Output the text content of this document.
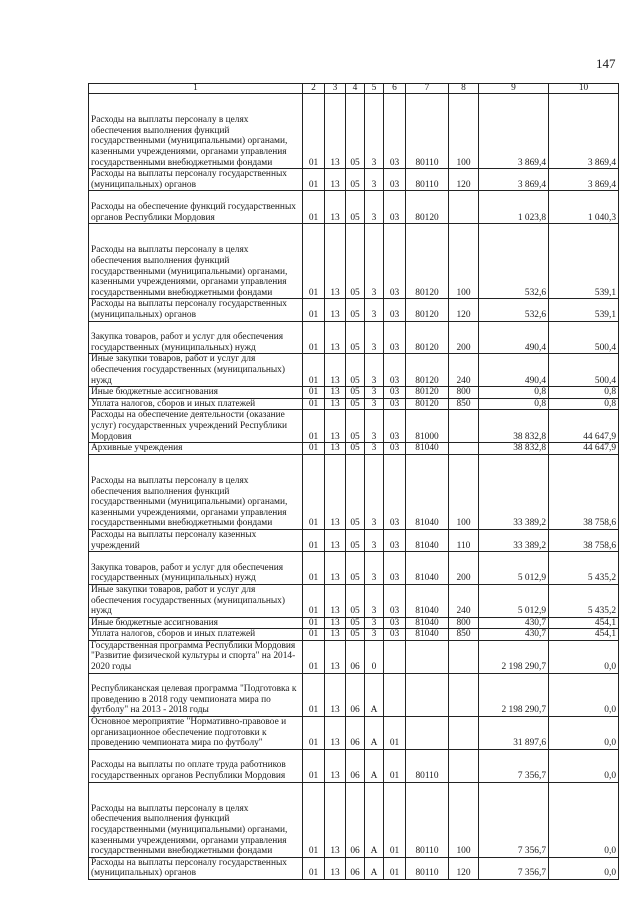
147
1	2	3	4	5	6	7	8	9	10
Расходы на выплаты персоналу в целях обеспечения выполнения функций государственными (муниципальными) органами, казенными учреждениями, органами управления государственными внебюджетными фондами	01	13	05	3	03	80110	100	3 869,4	3 869,4
Расходы на выплаты персоналу государственных (муниципальных) органов	01	13	05	3	03	80110	120	3 869,4	3 869,4
Расходы на обеспечение функций государственных органов Республики Мордовия	01	13	05	3	03	80120		1 023,8	1 040,3
Расходы на выплаты персоналу в целях обеспечения выполнения функций государственными (муниципальными) органами, казенными учреждениями, органами управления государственными внебюджетными фондами	01	13	05	3	03	80120	100	532,6	539,1
Расходы на выплаты персоналу государственных (муниципальных) органов	01	13	05	3	03	80120	120	532,6	539,1
Закупка товаров, работ и услуг для обеспечения государственных (муниципальных) нужд	01	13	05	3	03	80120	200	490,4	500,4
Иные закупки товаров, работ и услуг для обеспечения государственных (муниципальных) нужд	01	13	05	3	03	80120	240	490,4	500,4
Иные бюджетные ассигнования	01	13	05	3	03	80120	800	0,8	0,8
Уплата налогов, сборов и иных платежей	01	13	05	3	03	80120	850	0,8	0,8
Расходы на обеспечение деятельности (оказание услуг) государственных учреждений Республики Мордовия	01	13	05	3	03	81000		38 832,8	44 647,9
Архивные учреждения	01	13	05	3	03	81040		38 832,8	44 647,9
Расходы на выплаты персоналу в целях обеспечения выполнения функций государственными (муниципальными) органами, казенными учреждениями, органами управления государственными внебюджетными фондами	01	13	05	3	03	81040	100	33 389,2	38 758,6
Расходы на выплаты персоналу казенных учреждений	01	13	05	3	03	81040	110	33 389,2	38 758,6
Закупка товаров, работ и услуг для обеспечения государственных (муниципальных) нужд	01	13	05	3	03	81040	200	5 012,9	5 435,2
Иные закупки товаров, работ и услуг для обеспечения государственных (муниципальных) нужд	01	13	05	3	03	81040	240	5 012,9	5 435,2
Иные бюджетные ассигнования	01	13	05	3	03	81040	800	430,7	454,1
Уплата налогов, сборов и иных платежей	01	13	05	3	03	81040	850	430,7	454,1
Государственная программа Республики Мордовия "Развитие физической культуры и спорта" на 2014-2020 годы	01	13	06	0				2 198 290,7	0,0
Республиканская целевая программа "Подготовка к проведению в 2018 году чемпионата мира по футболу" на 2013 - 2018 годы	01	13	06	А				2 198 290,7	0,0
Основное мероприятие "Нормативно-правовое и организационное обеспечение подготовки к проведению чемпионата мира по футболу"	01	13	06	А	01			31 897,6	0,0
Расходы на выплаты по оплате труда работников государственных органов Республики Мордовия	01	13	06	А	01	80110		7 356,7	0,0
Расходы на выплаты персоналу в целях обеспечения выполнения функций государственными (муниципальными) органами, казенными учреждениями, органами управления государственными внебюджетными фондами	01	13	06	А	01	80110	100	7 356,7	0,0
Расходы на выплаты персоналу государственных (муниципальных) органов	01	13	06	А	01	80110	120	7 356,7	0,0
